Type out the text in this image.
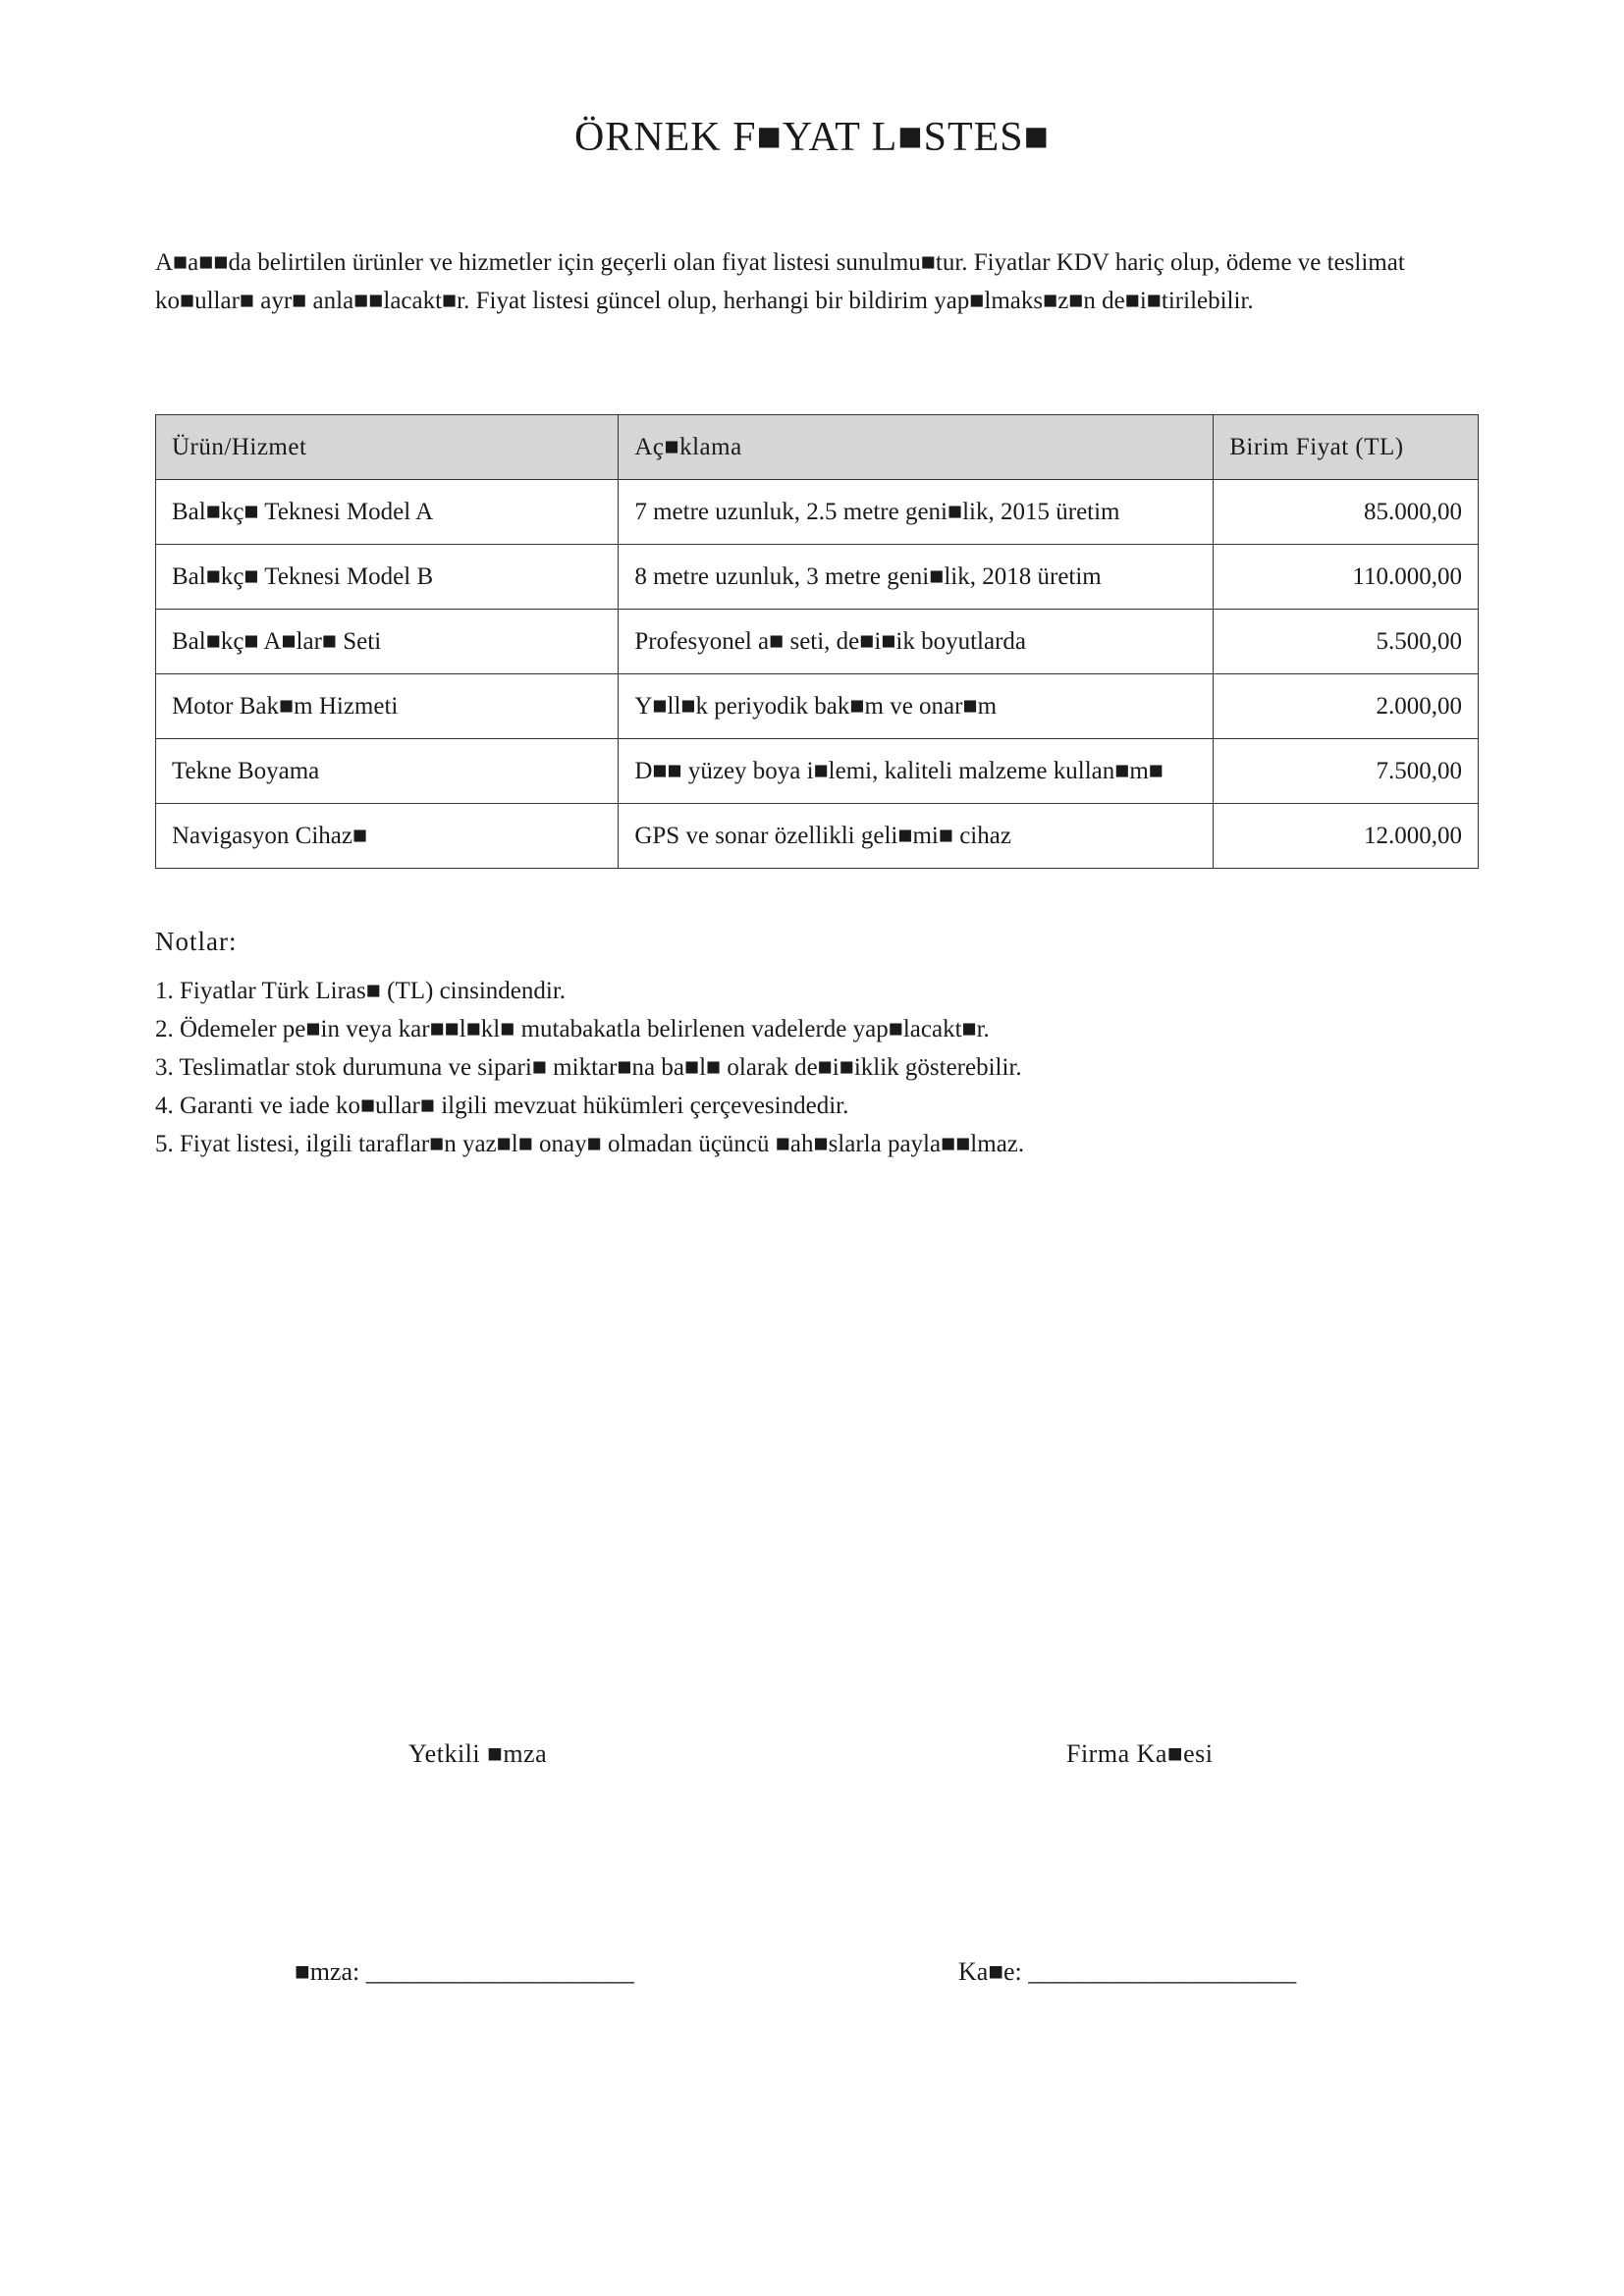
ÖRNEK F■YAT L■STES■

A■a■■da belirtilen ürünler ve hizmetler için geçerli olan fiyat listesi sunulmu■tur. Fiyatlar KDV hariç olup, ödeme ve teslimat ko■ullar■ ayr■ anla■■lacakt■r. Fiyat listesi güncel olup, herhangi bir bildirim yap■lmaks■z■n de■i■tirilebilir.

Ürün/Hizmet	Aç■klama	Birim Fiyat (TL)
Bal■kç■ Teknesi Model A	7 metre uzunluk, 2.5 metre geni■lik, 2015 üretim	85.000,00
Bal■kç■ Teknesi Model B	8 metre uzunluk, 3 metre geni■lik, 2018 üretim	110.000,00
Bal■kç■ A■lar■ Seti	Profesyonel a■ seti, de■i■ik boyutlarda	5.500,00
Motor Bak■m Hizmeti	Y■ll■k periyodik bak■m ve onar■m	2.000,00
Tekne Boyama	D■■ yüzey boya i■lemi, kaliteli malzeme kullan■m■	7.500,00
Navigasyon Cihaz■	GPS ve sonar özellikli geli■mi■ cihaz	12.000,00
Notlar:
1. Fiyatlar Türk Liras■ (TL) cinsindendir.
2. Ödemeler pe■in veya kar■■l■kl■ mutabakatla belirlenen vadelerde yap■lacakt■r.
3. Teslimatlar stok durumuna ve sipari■ miktar■na ba■l■ olarak de■i■iklik gösterebilir.
4. Garanti ve iade ko■ullar■ ilgili mevzuat hükümleri çerçevesindedir.
5. Fiyat listesi, ilgili taraflar■n yaz■l■ onay■ olmadan üçüncü ■ah■slarla payla■■lmaz.
Yetkili ■mza	Firma Ka■esi
■mza: _____________________	Ka■e: _____________________
